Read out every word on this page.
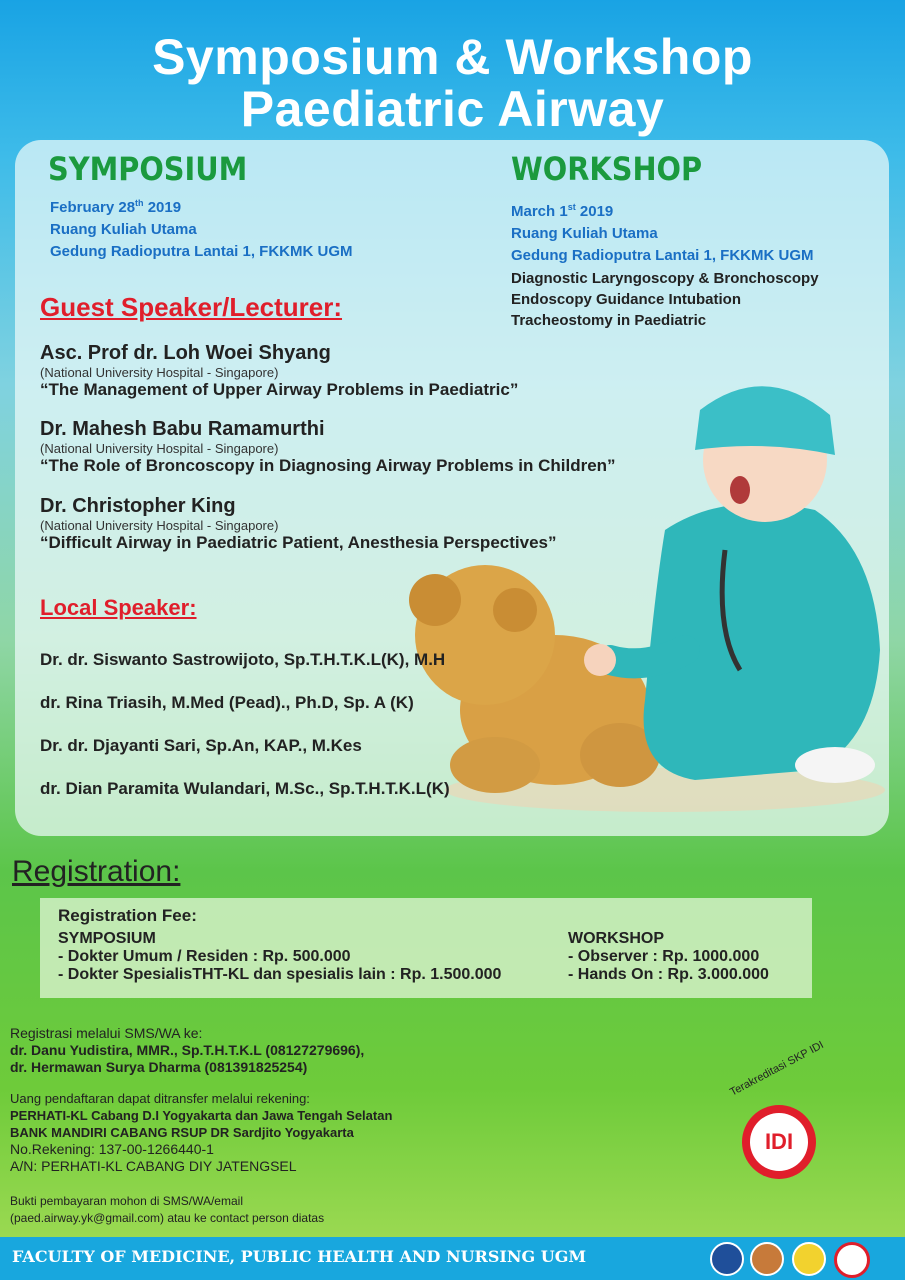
Symposium & Workshop
Paediatric Airway
SYMPOSIUM
February 28th 2019
Ruang Kuliah Utama
Gedung Radioputra Lantai 1, FKKMK UGM
WORKSHOP
March 1st 2019
Ruang Kuliah Utama
Gedung Radioputra Lantai 1, FKKMK UGM
Diagnostic Laryngoscopy & Bronchoscopy
Endoscopy Guidance Intubation
Tracheostomy in Paediatric
Guest Speaker/Lecturer:
Asc. Prof dr. Loh Woei Shyang
(National University Hospital - Singapore)
“The Management of Upper Airway Problems in Paediatric”
Dr. Mahesh Babu Ramamurthi
(National University Hospital - Singapore)
“The Role of Broncoscopy in Diagnosing Airway Problems in Children”
Dr. Christopher King
(National University Hospital - Singapore)
“Difficult Airway in Paediatric Patient, Anesthesia Perspectives”
Local Speaker:
Dr. dr. Siswanto Sastrowijoto, Sp.T.H.T.K.L(K), M.H
dr. Rina Triasih, M.Med (Pead)., Ph.D, Sp. A (K)
Dr. dr. Djayanti Sari, Sp.An, KAP., M.Kes
dr. Dian Paramita Wulandari, M.Sc., Sp.T.H.T.K.L(K)
Registration:
Registration Fee:
SYMPOSIUM
- Dokter Umum / Residen : Rp. 500.000
- Dokter SpesialisTHT-KL dan spesialis lain : Rp. 1.500.000
WORKSHOP
- Observer : Rp. 1000.000
- Hands On : Rp. 3.000.000
Registrasi melalui SMS/WA ke:
dr. Danu Yudistira, MMR., Sp.T.H.T.K.L (08127279696),
dr. Hermawan Surya Dharma (081391825254)
Uang pendaftaran dapat ditransfer melalui rekening:
PERHATI-KL Cabang D.I Yogyakarta dan Jawa Tengah Selatan
BANK MANDIRI CABANG RSUP DR Sardjito Yogyakarta
No.Rekening: 137-00-1266440-1
A/N: PERHATI-KL CABANG DIY JATENGSEL
Bukti pembayaran mohon di SMS/WA/email
(paed.airway.yk@gmail.com) atau ke contact person diatas
Terakreditasi SKP IDI
IDI
FACULTY OF MEDICINE, PUBLIC HEALTH AND NURSING UGM
